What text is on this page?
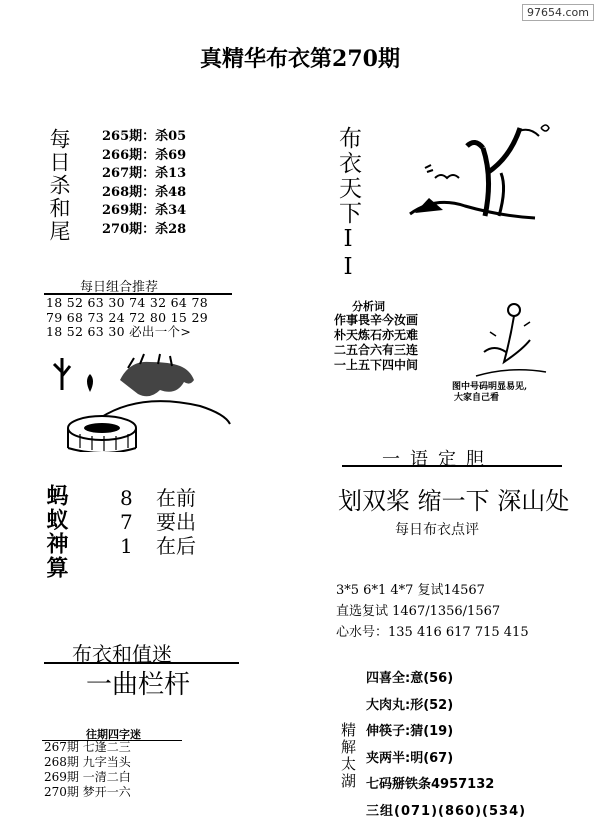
97654.com
真精华布衣第270期
每日杀和尾 265期：杀05
266期：杀69
267期：杀13
268期：杀48
269期：杀34
270期：杀28	布衣天下II
每日组合推荐
18 52 63 30 74 32 64 78
79 68 73 24 72 80 15 29
18 52 63 30 必出一个>
分析词
作事畏辛今汝画
朴天炼石亦无难
二五合六有三连
一上五下四中间
图中号码明显易见,
大家自己看
一语定胆
划双桨 缩一下 深山处
每日布衣点评
3*5 6*1 4*7 复试14567
直选复试 1467/1356/1567
心水号：135 416 617 715 415
蚂蚁神算	8 在前
7 要出
1 在后
布衣和值迷
一曲栏杆
往期四字迷
267期 七逢二三
268期 九字当头
269期 一清二白
270期 梦开一六
精解太湖
四喜全:意(56)
大肉丸:形(52)
伸筷子:猜(19)
夹两半:明(67)
七码掰铁条4957132
三组(071)(860)(534)
